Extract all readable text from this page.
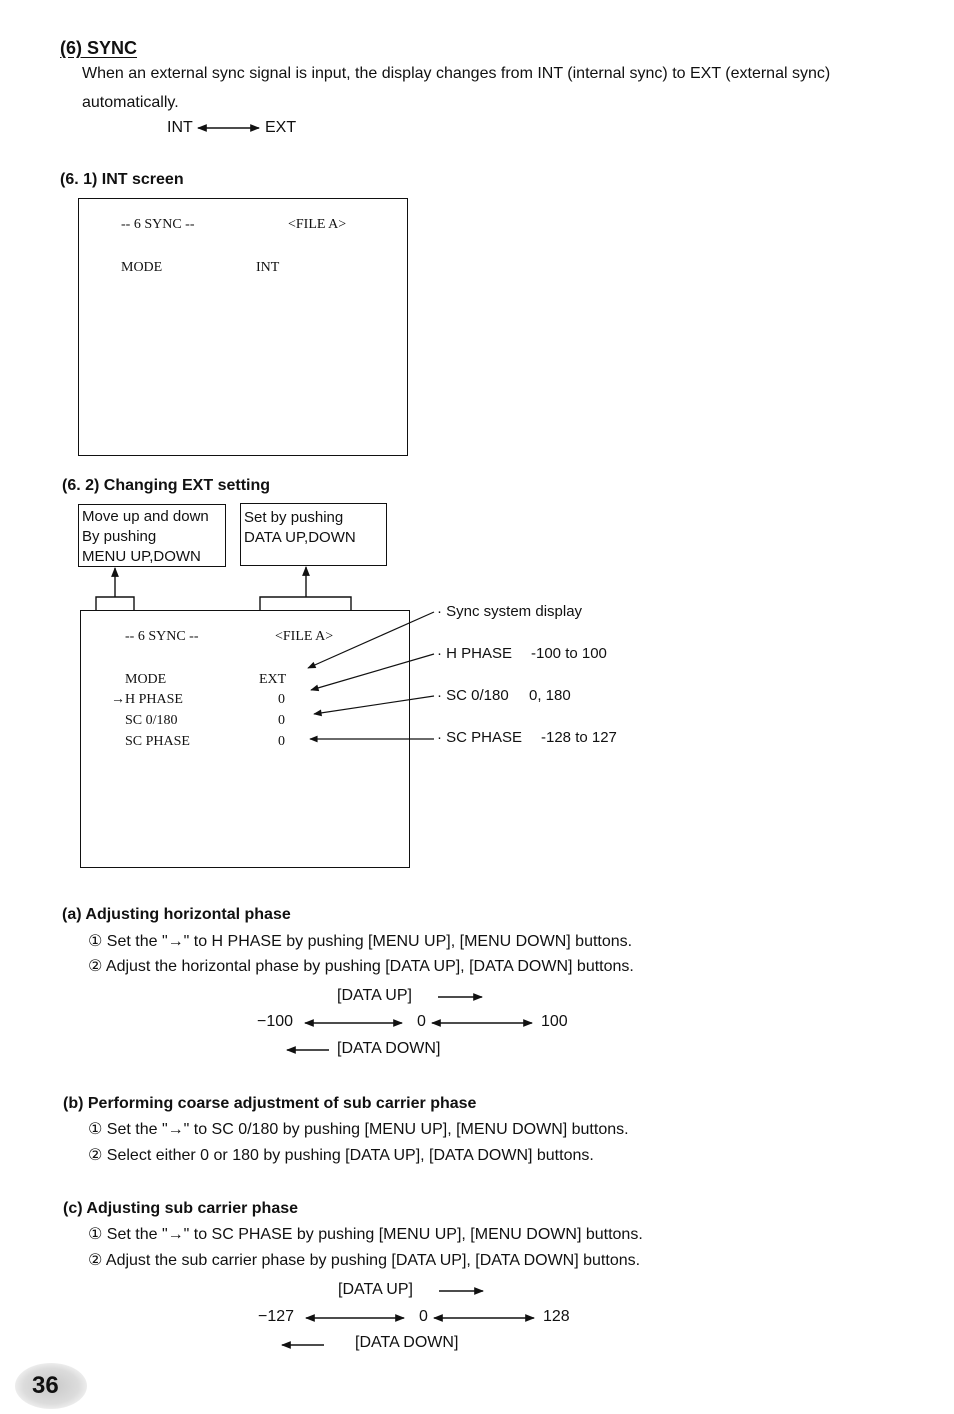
(6) SYNC
When an external sync signal is input, the display changes from INT (internal sync) to EXT (external sync)
automatically.
INT	EXT
(6. 1) INT screen
-- 6 SYNC --	<FILE A>
MODE	INT
(6. 2) Changing EXT setting
Move up and down
By pushing
MENU UP,DOWN
Set by pushing
DATA UP,DOWN
-- 6 SYNC --	<FILE A>
MODE	EXT
→ H PHASE	0
SC 0/180	0
SC PHASE	0
· Sync system display
· H PHASE -100 to 100
· SC 0/180 0, 180
· SC PHASE -128 to 127
(a) Adjusting horizontal phase
① Set the "→" to H PHASE by pushing [MENU UP], [MENU DOWN] buttons.
② Adjust the horizontal phase by pushing [DATA UP], [DATA DOWN] buttons.
[DATA UP]
−100	0	100
[DATA DOWN]
(b) Performing coarse adjustment of sub carrier phase
① Set the "→" to SC 0/180 by pushing [MENU UP], [MENU DOWN] buttons.
② Select either 0 or 180 by pushing [DATA UP], [DATA DOWN] buttons.
(c) Adjusting sub carrier phase
① Set the "→" to SC PHASE by pushing [MENU UP], [MENU DOWN] buttons.
② Adjust the sub carrier phase by pushing [DATA UP], [DATA DOWN] buttons.
[DATA UP]
−127	0	128
[DATA DOWN]
36
